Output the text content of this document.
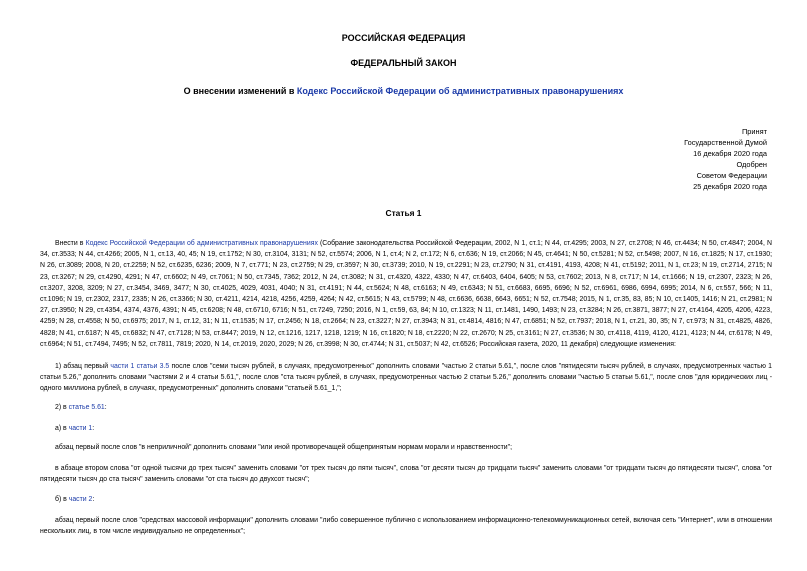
РОССИЙСКАЯ ФЕДЕРАЦИЯ
ФЕДЕРАЛЬНЫЙ ЗАКОН
О внесении изменений в Кодекс Российской Федерации об административных правонарушениях
Принят
Государственной Думой
16 декабря 2020 года
Одобрен
Советом Федерации
25 декабря 2020 года
Статья 1
Внести в Кодекс Российской Федерации об административных правонарушениях (Собрание законодательства Российской Федерации, 2002, N 1, ст.1; N 44, ст.4295; 2003, N 27, ст.2708; N 46, ст.4434; N 50, ст.4847; 2004, N 34, ст.3533; N 44, ст.4266; 2005, N 1, ст.13, 40, 45; N 19, ст.1752; N 30, ст.3104, 3131; N 52, ст.5574; 2006, N 1, ст.4; N 2, ст.172; N 6, ст.636; N 19, ст.2066; N 45, ст.4641; N 50, ст.5281; N 52, ст.5498; 2007, N 16, ст.1825; N 17, ст.1930; N 26, ст.3089; 2008, N 20, ст.2259; N 52, ст.6235, 6236; 2009, N 7, ст.771; N 23, ст.2759; N 29, ст.3597; N 30, ст.3739; 2010, N 19, ст.2291; N 23, ст.2790; N 31, ст.4191, 4193, 4208; N 41, ст.5192; 2011, N 1, ст.23; N 19, ст.2714, 2715; N 23, ст.3267; N 29, ст.4290, 4291; N 47, ст.6602; N 49, ст.7061; N 50, ст.7345, 7362; 2012, N 24, ст.3082; N 31, ст.4320, 4322, 4330; N 47, ст.6403, 6404, 6405; N 53, ст.7602; 2013, N 8, ст.717; N 14, ст.1666; N 19, ст.2307, 2323; N 26, ст.3207, 3208, 3209; N 27, ст.3454, 3469, 3477; N 30, ст.4025, 4029, 4031, 4040; N 31, ст.4191; N 44, ст.5624; N 48, ст.6163; N 49, ст.6343; N 51, ст.6683, 6695, 6696; N 52, ст.6961, 6986, 6994, 6995; 2014, N 6, ст.557, 566; N 11, ст.1096; N 19, ст.2302, 2317, 2335; N 26, ст.3366; N 30, ст.4211, 4214, 4218, 4256, 4259, 4264; N 42, ст.5615; N 43, ст.5799; N 48, ст.6636, 6638, 6643, 6651; N 52, ст.7548; 2015, N 1, ст.35, 83, 85; N 10, ст.1405, 1416; N 21, ст.2981; N 27, ст.3950; N 29, ст.4354, 4374, 4376, 4391; N 45, ст.6208; N 48, ст.6710, 6716; N 51, ст.7249, 7250; 2016, N 1, ст.59, 63, 84; N 10, ст.1323; N 11, ст.1481, 1490, 1493; N 23, ст.3284; N 26, ст.3871, 3877; N 27, ст.4164, 4205, 4206, 4223, 4259; N 28, ст.4558; N 50, ст.6975; 2017, N 1, ст.12, 31; N 11, ст.1535; N 17, ст.2456; N 18, ст.2664; N 23, ст.3227; N 27, ст.3943; N 31, ст.4814, 4816; N 47, ст.6851; N 52, ст.7937; 2018, N 1, ст.21, 30, 35; N 7, ст.973; N 31, ст.4825, 4826, 4828; N 41, ст.6187; N 45, ст.6832; N 47, ст.7128; N 53, ст.8447; 2019, N 12, ст.1216, 1217, 1218, 1219; N 16, ст.1820; N 18, ст.2220; N 22, ст.2670; N 25, ст.3161; N 27, ст.3536; N 30, ст.4118, 4119, 4120, 4121, 4123; N 44, ст.6178; N 49, ст.6964; N 51, ст.7494, 7495; N 52, ст.7811, 7819; 2020, N 14, ст.2019, 2020, 2029; N 26, ст.3998; N 30, ст.4744; N 31, ст.5037; N 42, ст.6526; Российская газета, 2020, 11 декабря) следующие изменения:
1) абзац первый части 1 статьи 3.5 после слов "семи тысяч рублей, в случаях, предусмотренных" дополнить словами "частью 2 статьи 5.61,", после слов "пятидесяти тысяч рублей, в случаях, предусмотренных частью 1 статьи 5.26," дополнить словами "частями 2 и 4 статьи 5.61,", после слов "ста тысяч рублей, в случаях, предусмотренных частью 2 статьи 5.26," дополнить словами "частью 5 статьи 5.61,", после слов "для юридических лиц - одного миллиона рублей, в случаях, предусмотренных" дополнить словами "статьей 5.61_1,";
2) в статье 5.61:
а) в части 1:
абзац первый после слов "в неприличной" дополнить словами "или иной противоречащей общепринятым нормам морали и нравственности";
в абзаце втором слова "от одной тысячи до трех тысяч" заменить словами "от трех тысяч до пяти тысяч", слова "от десяти тысяч до тридцати тысяч" заменить словами "от тридцати тысяч до пятидесяти тысяч", слова "от пятидесяти тысяч до ста тысяч" заменить словами "от ста тысяч до двухсот тысяч";
б) в части 2:
абзац первый после слов "средствах массовой информации" дополнить словами "либо совершенное публично с использованием информационно-телекоммуникационных сетей, включая сеть "Интернет", или в отношении нескольких лиц, в том числе индивидуально не определенных";
